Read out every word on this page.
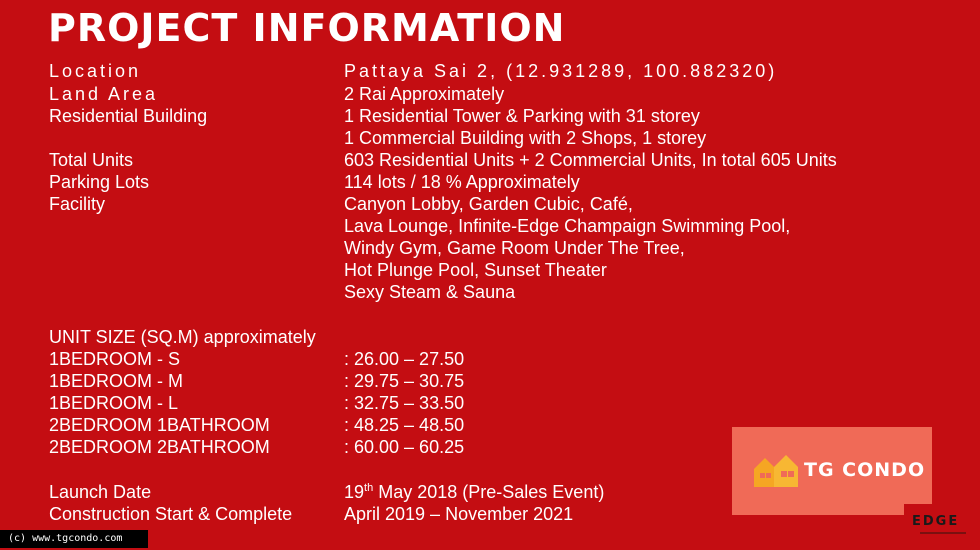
PROJECT INFORMATION
Location	Pattaya Sai 2, (12.931289, 100.882320)
Land Area	2 Rai Approximately
Residential Building	1 Residential Tower & Parking with 31 storey
1 Commercial Building with 2 Shops, 1 storey
Total Units	603 Residential Units + 2 Commercial Units, In total 605 Units
Parking Lots	114 lots / 18 % Approximately
Facility	Canyon Lobby, Garden Cubic, Café,
Lava Lounge, Infinite-Edge Champaign Swimming Pool,
Windy Gym, Game Room Under The Tree,
Hot Plunge Pool, Sunset Theater
Sexy Steam & Sauna
UNIT SIZE (SQ.M) approximately
1BEDROOM - S	: 26.00 – 27.50
1BEDROOM - M	: 29.75 – 30.75
1BEDROOM - L	: 32.75 – 33.50
2BEDROOM 1BATHROOM	: 48.25 – 48.50
2BEDROOM 2BATHROOM	: 60.00 – 60.25
Launch Date	19th May 2018 (Pre-Sales Event)
Construction Start & Complete	April 2019 – November 2021
TG CONDO
EDGE
(c) www.tgcondo.com
